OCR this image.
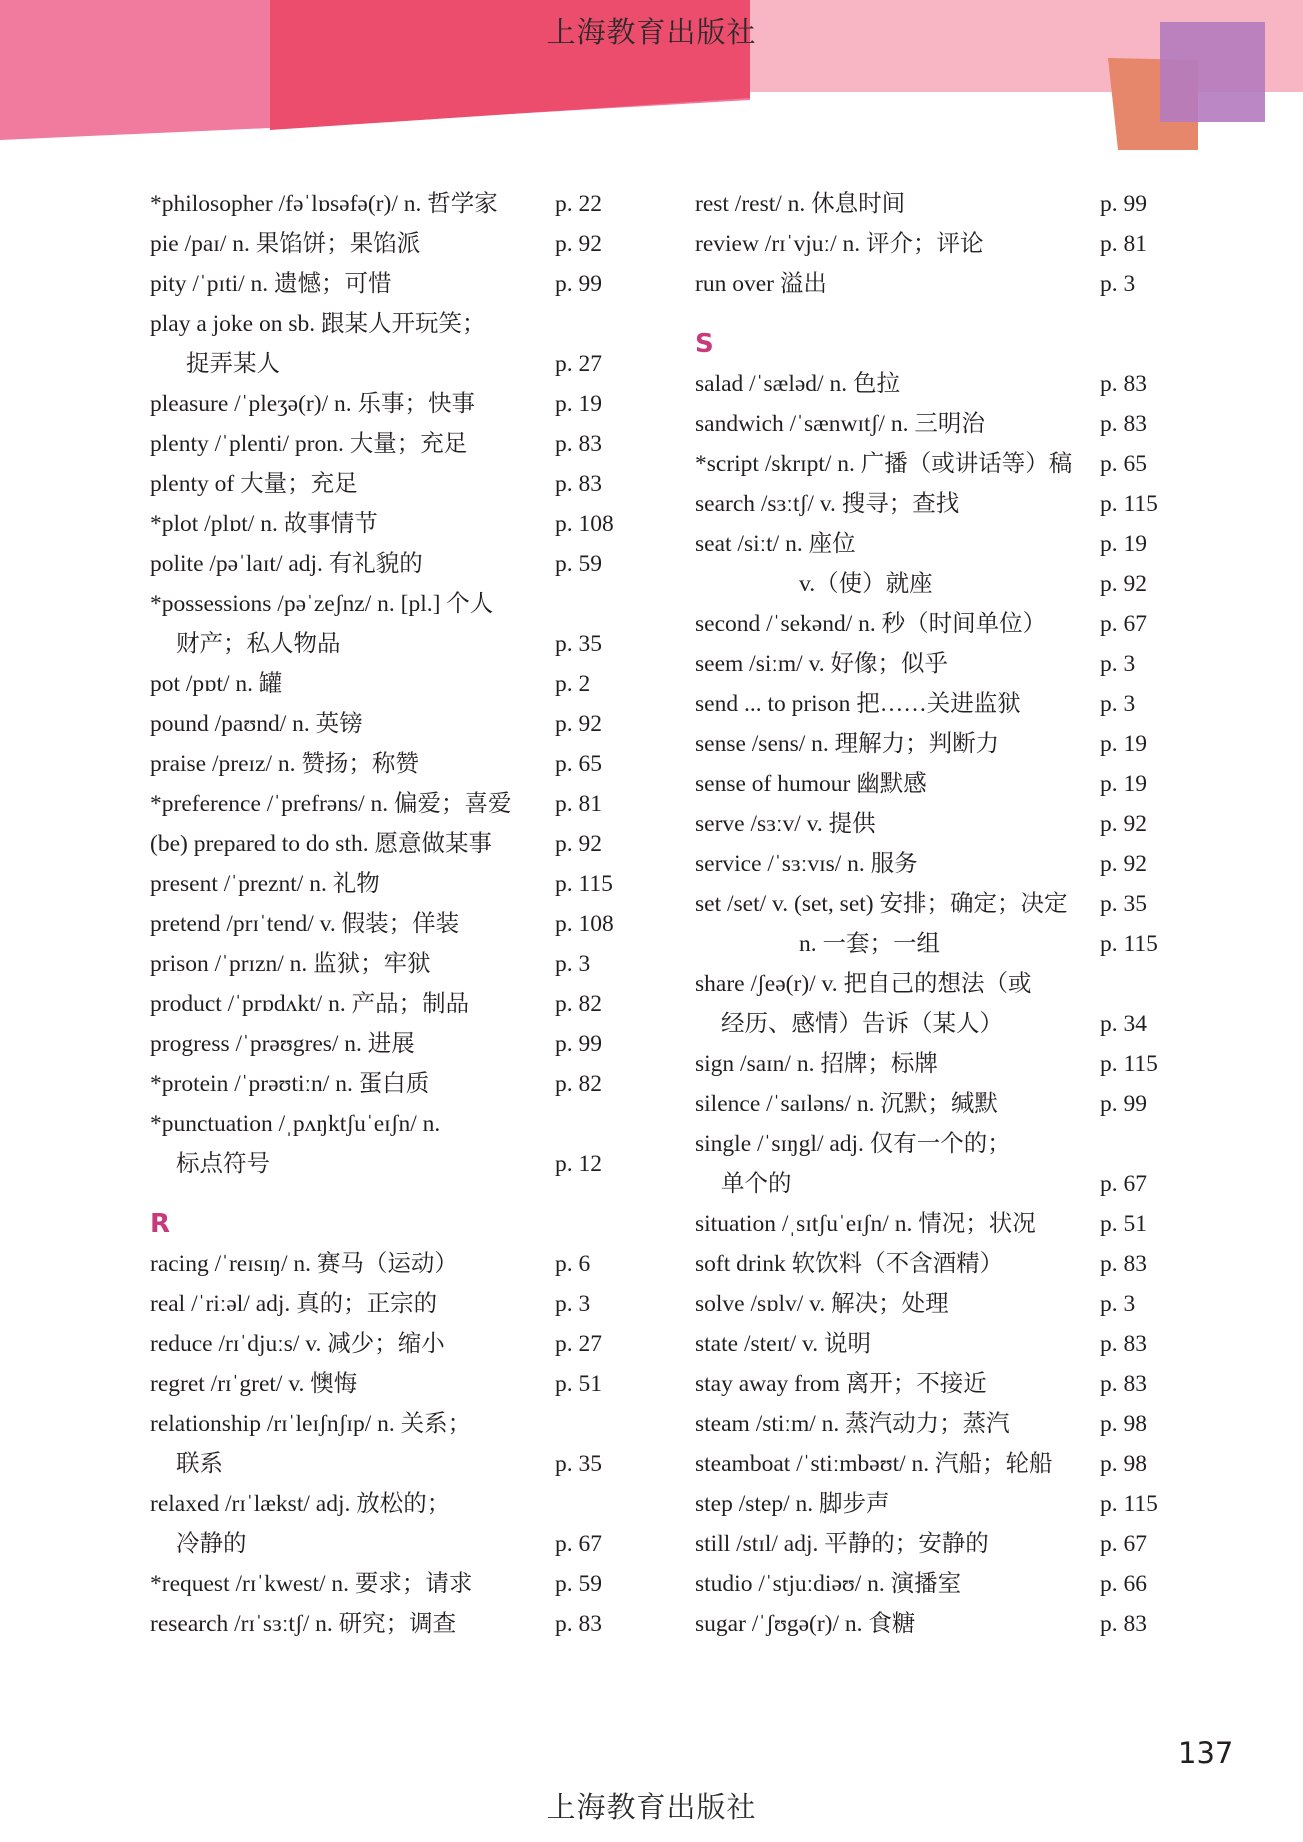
上海教育出版社
*philosopher /fəˈlɒsəfə(r)/ n. 哲学家 p. 22
pie /paɪ/ n. 果馅饼；果馅派	p. 92
pity /ˈpɪti/ n. 遗憾；可惜	p. 99
play a joke on sb. 跟某人开玩笑；
捉弄某人	p. 27
pleasure /ˈpleʒə(r)/ n. 乐事；快事	p. 19
plenty /ˈplenti/ pron. 大量；充足	p. 83
plenty of 大量；充足	p. 83
*plot /plɒt/ n. 故事情节	p. 108
polite /pəˈlaɪt/ adj. 有礼貌的	p. 59
*possessions /pəˈzeʃnz/ n. [pl.] 个人
财产；私人物品	p. 35
pot /pɒt/ n. 罐	p. 2
pound /paʊnd/ n. 英镑	p. 92
praise /preɪz/ n. 赞扬；称赞	p. 65
*preference /ˈprefrəns/ n. 偏爱；喜爱 p. 81
(be) prepared to do sth. 愿意做某事	p. 92
present /ˈpreznt/ n. 礼物	p. 115
pretend /prɪˈtend/ v. 假装；佯装	p. 108
prison /ˈprɪzn/ n. 监狱；牢狱	p. 3
product /ˈprɒdʌkt/ n. 产品；制品	p. 82
progress /ˈprəʊgres/ n. 进展	p. 99
*protein /ˈprəʊtiːn/ n. 蛋白质	p. 82
*punctuation /ˌpʌŋktʃuˈeɪʃn/ n.
标点符号	p. 12
R
racing /ˈreɪsɪŋ/ n. 赛马（运动）	p. 6
real /ˈriːəl/ adj. 真的；正宗的	p. 3
reduce /rɪˈdjuːs/ v. 减少；缩小	p. 27
regret /rɪˈgret/ v. 懊悔	p. 51
relationship /rɪˈleɪʃnʃɪp/ n. 关系；
联系	p. 35
relaxed /rɪˈlækst/ adj. 放松的；
冷静的	p. 67
*request /rɪˈkwest/ n. 要求；请求	p. 59
research /rɪˈsɜːtʃ/ n. 研究；调查	p. 83
rest /rest/ n. 休息时间	p. 99
review /rɪˈvjuː/ n. 评介；评论	p. 81
run over 溢出	p. 3
S
salad /ˈsæləd/ n. 色拉	p. 83
sandwich /ˈsænwɪtʃ/ n. 三明治	p. 83
*script /skrɪpt/ n. 广播（或讲话等）稿 p. 65
search /sɜːtʃ/ v. 搜寻；查找	p. 115
seat /siːt/ n. 座位	p. 19
v.（使）就座	p. 92
second /ˈsekənd/ n. 秒（时间单位） p. 67
seem /siːm/ v. 好像；似乎	p. 3
send ... to prison 把……关进监狱	p. 3
sense /sens/ n. 理解力；判断力	p. 19
sense of humour 幽默感	p. 19
serve /sɜːv/ v. 提供	p. 92
service /ˈsɜːvɪs/ n. 服务	p. 92
set /set/ v. (set, set) 安排；确定；决定 p. 35
n. 一套；一组	p. 115
share /ʃeə(r)/ v. 把自己的想法（或
经历、感情）告诉（某人）	p. 34
sign /saɪn/ n. 招牌；标牌	p. 115
silence /ˈsaɪləns/ n. 沉默；缄默	p. 99
single /ˈsɪŋgl/ adj. 仅有一个的；
单个的	p. 67
situation /ˌsɪtʃuˈeɪʃn/ n. 情况；状况	p. 51
soft drink 软饮料（不含酒精）	p. 83
solve /sɒlv/ v. 解决；处理	p. 3
state /steɪt/ v. 说明	p. 83
stay away from 离开；不接近	p. 83
steam /stiːm/ n. 蒸汽动力；蒸汽	p. 98
steamboat /ˈstiːmbəʊt/ n. 汽船；轮船 p. 98
step /step/ n. 脚步声	p. 115
still /stɪl/ adj. 平静的；安静的	p. 67
studio /ˈstjuːdiəʊ/ n. 演播室	p. 66
sugar /ˈʃʊgə(r)/ n. 食糖	p. 83
137
上海教育出版社
